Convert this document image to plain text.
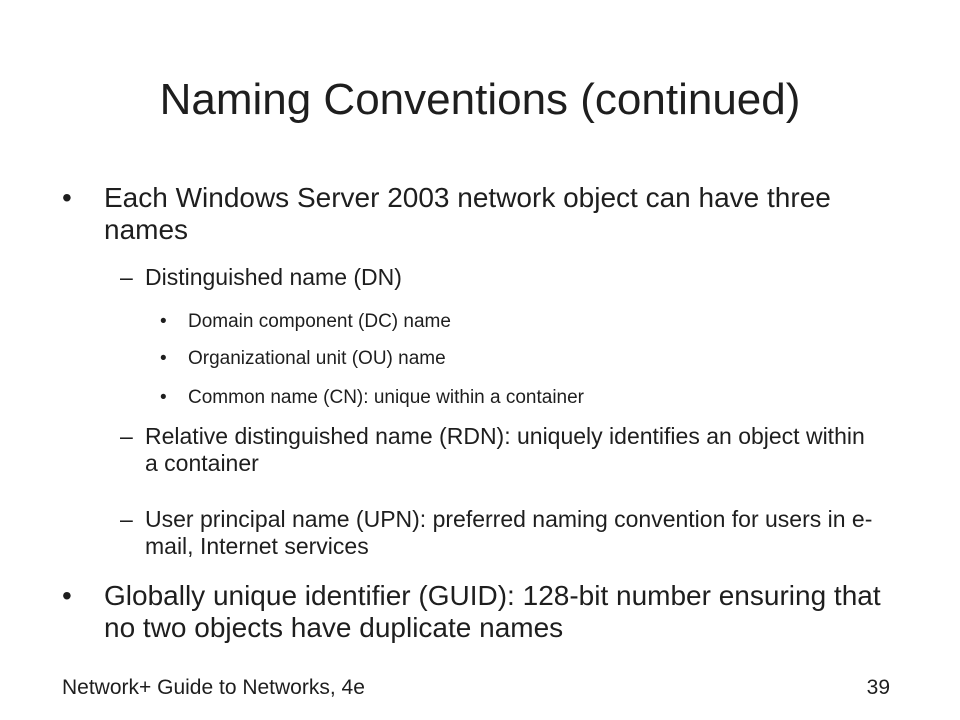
Naming Conventions (continued)
•	Each Windows Server 2003 network object can have three names
– Distinguished name (DN)
•	Domain component (DC) name
•	Organizational unit (OU) name
•	Common name (CN): unique within a container
– Relative distinguished name (RDN): uniquely identifies an object within a container
– User principal name (UPN): preferred naming convention for users in e-mail, Internet services
•	Globally unique identifier (GUID): 128-bit number ensuring that no two objects have duplicate names
Network+ Guide to Networks, 4e	39
